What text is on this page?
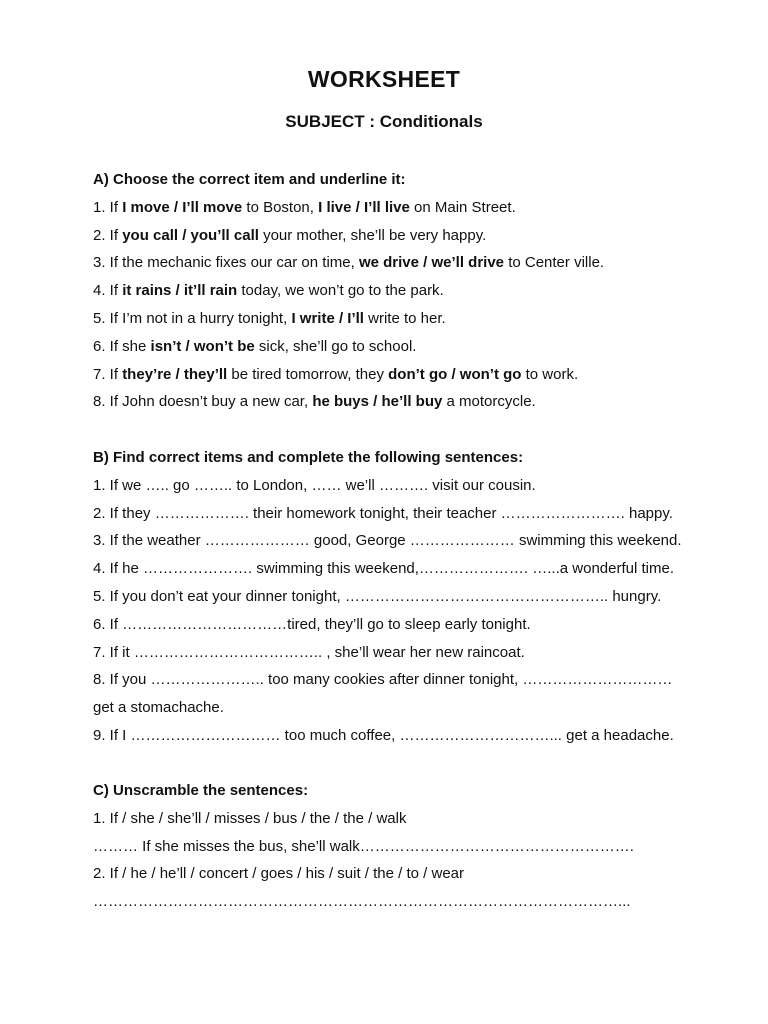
WORKSHEET
SUBJECT : Conditionals
A) Choose the correct item and underline it:
1. If I move / I’ll move to Boston, I live / I’ll live on Main Street.
2. If you call / you’ll call your mother, she’ll be very happy.
3. If the mechanic fixes our car on time, we drive / we’ll drive to Center ville.
4. If it rains / it’ll rain today, we won’t go to the park.
5. If I’m not in a hurry tonight, I write / I’ll write to her.
6. If she isn’t / won’t be sick, she’ll go to school.
7. If they’re / they’ll be tired tomorrow, they don’t go / won’t go to work.
8. If John doesn’t buy a new car, he buys / he’ll buy a motorcycle.
B) Find correct items and complete the following sentences:
1. If we ….. go …….. to London, …… we’ll ………. visit our cousin.
2. If they ………………. their homework tonight, their teacher ……………………. happy.
3. If the weather ………………… good, George ………………… swimming this weekend.
4. If he …………………. swimming this weekend,…………………. …...a wonderful time.
5. If you don’t eat your dinner tonight, …………………………………………….. hungry.
6. If ……………………………tired, they’ll go to sleep early tonight.
7. If it ……………………………….. , she’ll wear her new raincoat.
8. If you ………………….. too many cookies after dinner tonight, …………………………
get a stomachache.
9. If I ………………………… too much coffee, …………………………... get a headache.
C) Unscramble the sentences:
1. If / she / she’ll / misses / bus / the / the / walk
……… If she misses the bus, she’ll walk……………………………………………….
2. If / he / he’ll / concert / goes / his / suit / the / to / wear
……………………………………………………………………………………………...
